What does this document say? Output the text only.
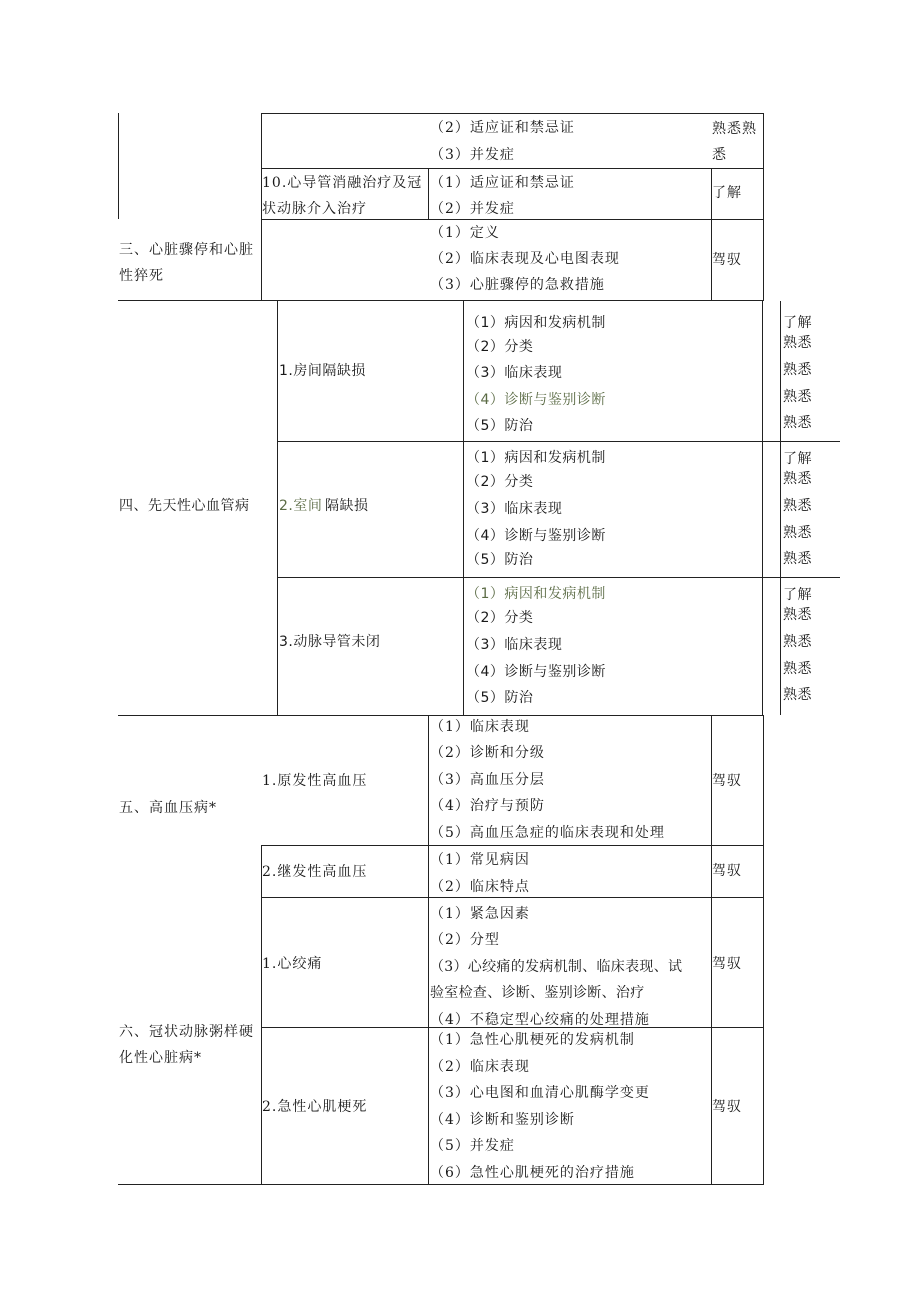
（2）适应证和禁忌证
（3）并发症
熟悉熟
悉
10.心导管消融治疗及冠
状动脉介入治疗
（1）适应证和禁忌证
（2）并发症
了解
三、心脏骤停和心脏
性猝死
（1）定义
（2）临床表现及心电图表现
（3）心脏骤停的急救措施
驾驭
四、先天性心血管病
1.房间隔缺损
（1）病因和发病机制
（2）分类
（3）临床表现
（4）诊断与鉴别诊断
（5）防治
了解
熟悉
熟悉
熟悉
熟悉
2.室间 隔缺损
（1）病因和发病机制
（2）分类
（3）临床表现
（4）诊断与鉴别诊断
（5）防治
了解
熟悉
熟悉
熟悉
熟悉
3.动脉导管未闭
（1）病因和发病机制
（2）分类
（3）临床表现
（4）诊断与鉴别诊断
（5）防治
了解
熟悉
熟悉
熟悉
熟悉
五、高血压病*
1.原发性高血压
（1）临床表现
（2）诊断和分级
（3）高血压分层
（4）治疗与预防
（5）高血压急症的临床表现和处理
驾驭
2.继发性高血压
（1）常见病因
（2）临床特点
驾驭
六、冠状动脉粥样硬
化性心脏病*
1.心绞痛
（1）紧急因素
（2）分型
（3）心绞痛的发病机制、临床表现、试
验室检查、诊断、鉴别诊断、治疗
（4）不稳定型心绞痛的处理措施
驾驭
2.急性心肌梗死
（1）急性心肌梗死的发病机制
（2）临床表现
（3）心电图和血清心肌酶学变更
（4）诊断和鉴别诊断
（5）并发症
（6）急性心肌梗死的治疗措施
驾驭
